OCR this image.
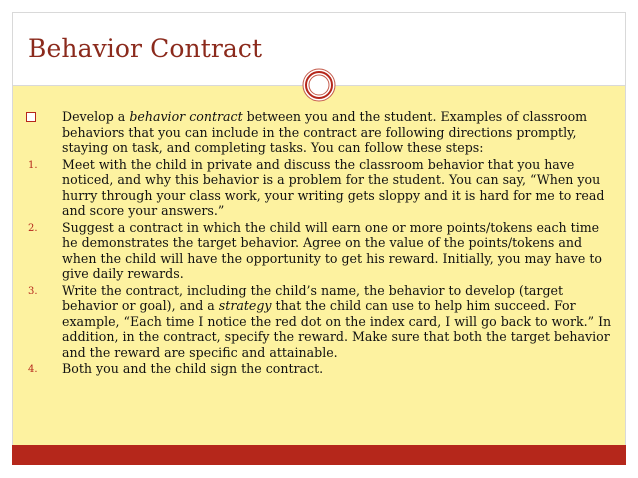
Behavior Contract
Develop a behavior contract between you and the student. Examples of classroom behaviors that you can include in the contract are following directions promptly, staying on task, and completing tasks. You can follow these steps:
1. Meet with the child in private and discuss the classroom behavior that you have noticed, and why this behavior is a problem for the student. You can say, “When you hurry through your class work, your writing gets sloppy and it is hard for me to read and score your answers.”
2. Suggest a contract in which the child will earn one or more points/tokens each time he demonstrates the target behavior. Agree on the value of the points/tokens and when the child will have the opportunity to get his reward. Initially, you may have to give daily rewards.
3. Write the contract, including the child’s name, the behavior to develop (target behavior or goal), and a strategy that the child can use to help him succeed. For example, “Each time I notice the red dot on the index card, I will go back to work.” In addition, in the contract, specify the reward. Make sure that both the target behavior and the reward are specific and attainable.
4. Both you and the child sign the contract.
